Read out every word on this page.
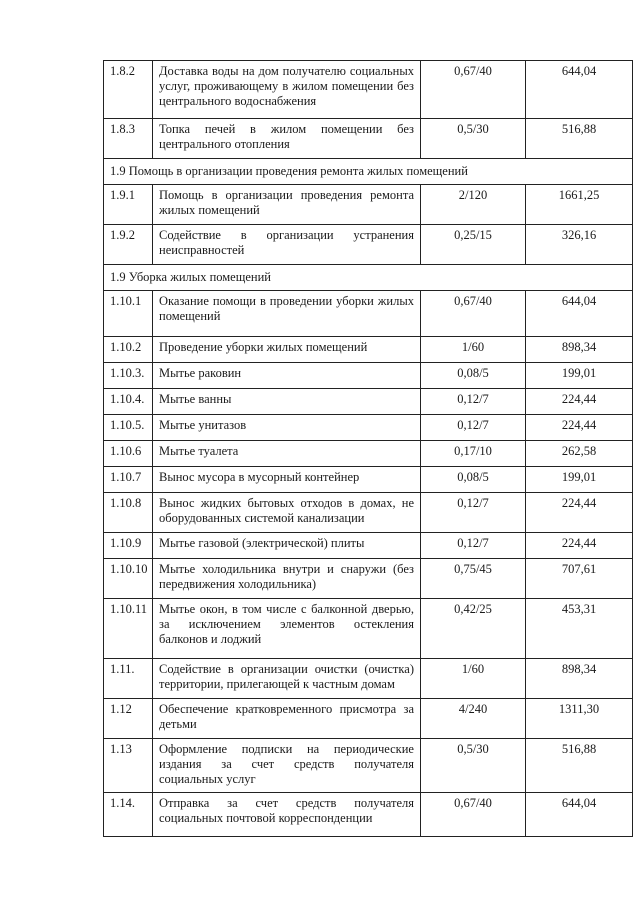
1.8.2	Доставка воды на дом получателю социальных услуг, проживающему в жилом помещении без центрального водоснабжения	0,67/40	644,04
1.8.3	Топка печей в жилом помещении без центрального отопления	0,5/30	516,88
1.9 Помощь в организации проведения ремонта жилых помещений			
1.9.1	Помощь в организации проведения ремонта жилых помещений	2/120	1661,25
1.9.2	Содействие в организации устранения неисправностей	0,25/15	326,16
1.9 Уборка жилых помещений			
1.10.1	Оказание помощи в проведении уборки жилых помещений	0,67/40	644,04
1.10.2	Проведение уборки жилых помещений	1/60	898,34
1.10.3.	Мытье раковин	0,08/5	199,01
1.10.4.	Мытье ванны	0,12/7	224,44
1.10.5.	Мытье унитазов	0,12/7	224,44
1.10.6	Мытье туалета	0,17/10	262,58
1.10.7	Вынос мусора в мусорный контейнер	0,08/5	199,01
1.10.8	Вынос жидких бытовых отходов в домах, не оборудованных системой канализации	0,12/7	224,44
1.10.9	Мытье газовой (электрической) плиты	0,12/7	224,44
1.10.10	Мытье холодильника внутри и снаружи (без передвижения холодильника)	0,75/45	707,61
1.10.11	Мытье окон, в том числе с балконной дверью, за исключением элементов остекления балконов и лоджий	0,42/25	453,31
1.11.	Содействие в организации очистки (очистка) территории, прилегающей к частным домам	1/60	898,34
1.12	Обеспечение кратковременного присмотра за детьми	4/240	1311,30
1.13	Оформление подписки на периодические издания за счет средств получателя социальных услуг	0,5/30	516,88
1.14.	Отправка за счет средств получателя социальных почтовой корреспонденции	0,67/40	644,04
